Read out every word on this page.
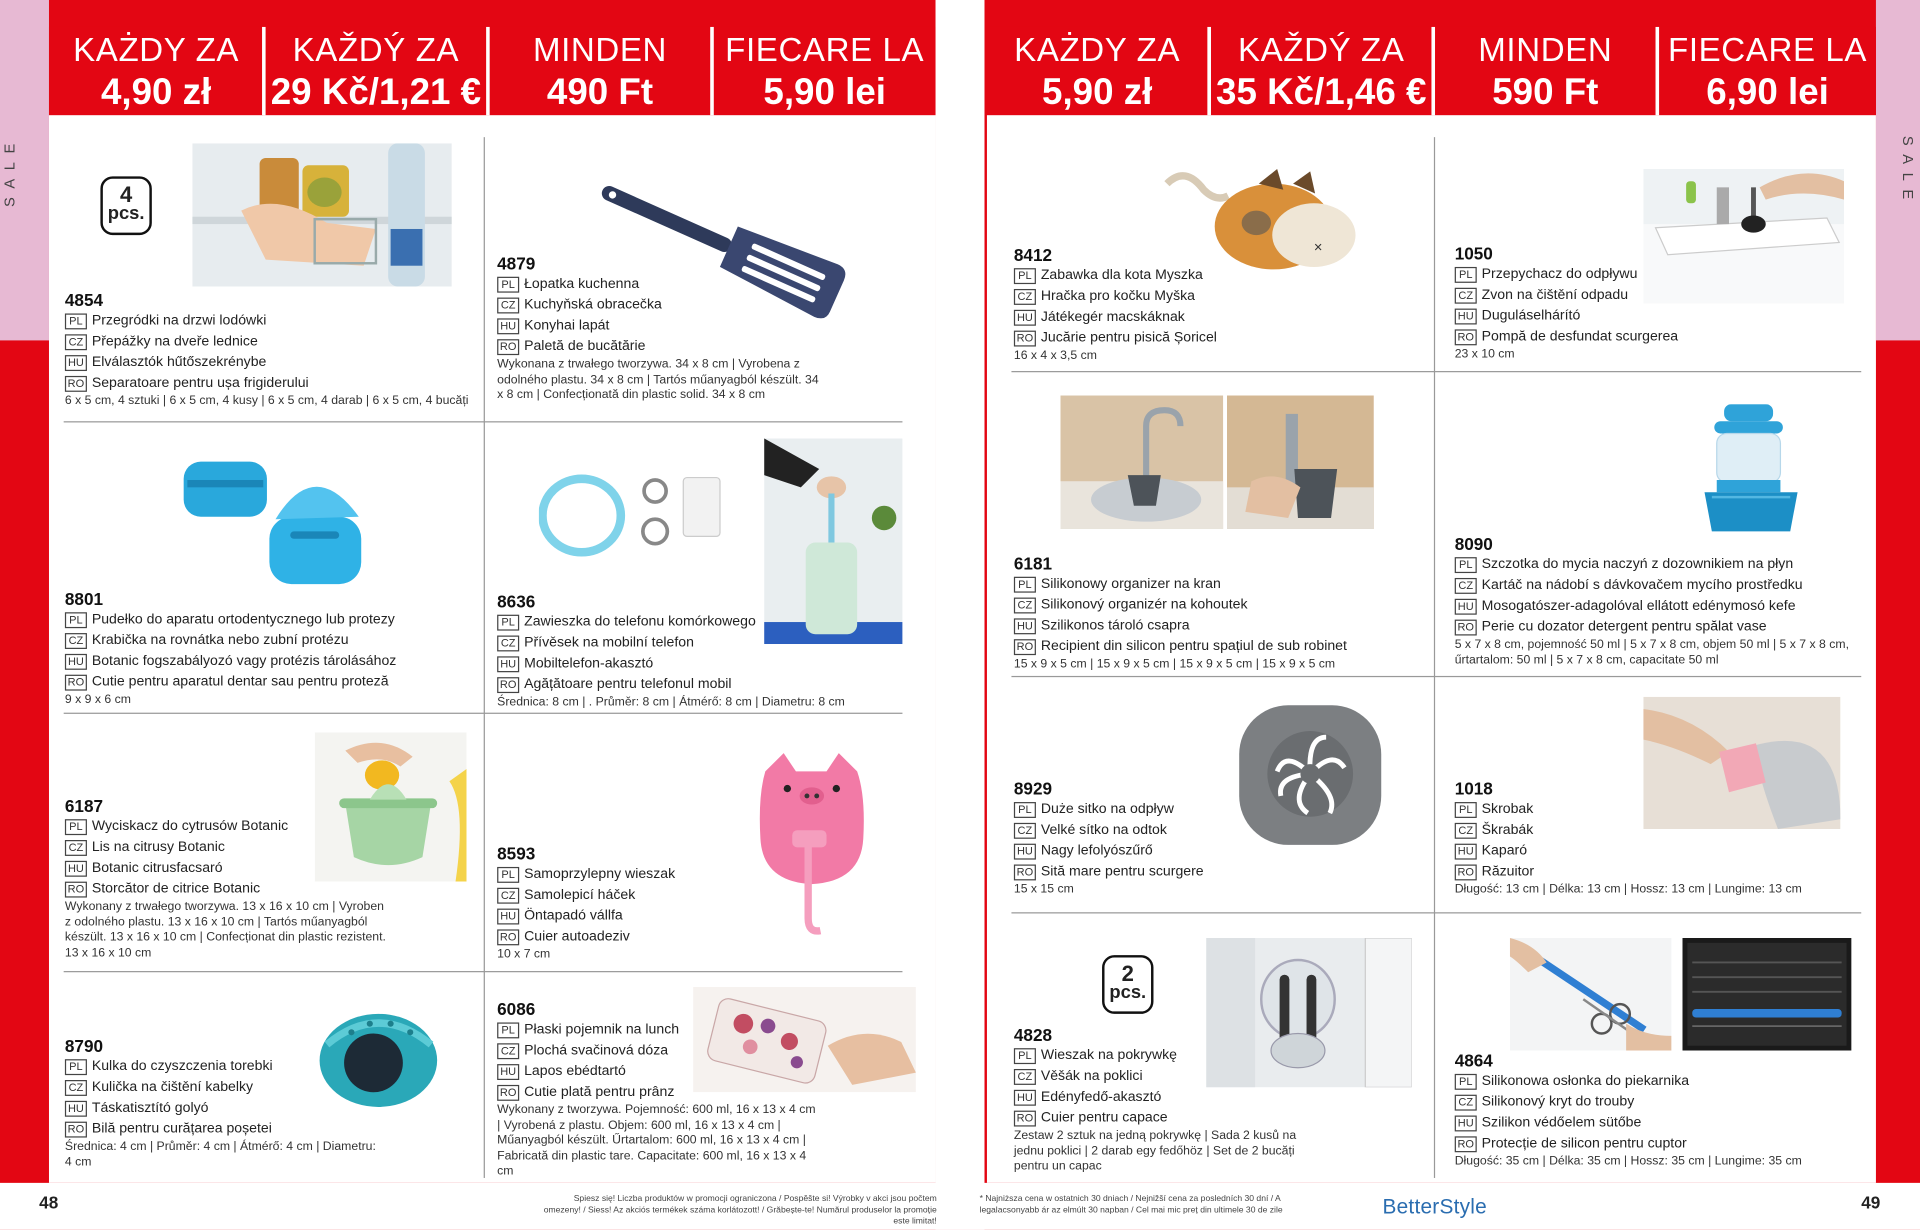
SALE	SALE
KAŻDY ZA
4,90 zł
KAŽDÝ ZA
29 Kč/1,21 €
MINDEN
490 Ft
FIECARE LA
5,90 lei
KAŻDY ZA
5,90 zł
KAŽDÝ ZA
35 Kč/1,46 €
MINDEN
590 Ft
FIECARE LA
6,90 lei
4
pcs.
4854
PL Przegródki na drzwi lodówki
CZ Přepážky na dveře lednice
HU Elválasztók hűtőszekrénybe
RO Separatoare pentru ușa frigiderului
6 x 5 cm, 4 sztuki | 6 x 5 cm, 4 kusy | 6 x 5 cm, 4 darab | 6 x 5 cm, 4 bucăți
4879
PL Łopatka kuchenna
CZ Kuchyňská obracečka
HU Konyhai lapát
RO Paletă de bucătărie
Wykonana z trwałego tworzywa. 34 x 8 cm | Vyrobena z odolného plastu. 34 x 8 cm | Tartós műanyagból készült. 34 x 8 cm | Confecționată din plastic solid. 34 x 8 cm
8801
PL Pudełko do aparatu ortodentycznego lub protezy
CZ Krabička na rovnátka nebo zubní protézu
HU Botanic fogszabályozó vagy protézis tárolásához
RO Cutie pentru aparatul dentar sau pentru proteză
9 x 9 x 6 cm
8636
PL Zawieszka do telefonu komórkowego
CZ Přívěsek na mobilní telefon
HU Mobiltelefon-akasztó
RO Agățătoare pentru telefonul mobil
Średnica: 8 cm | . Průměr: 8 cm | Átmérő: 8 cm | Diametru: 8 cm
6187
PL Wyciskacz do cytrusów Botanic
CZ Lis na citrusy Botanic
HU Botanic citrusfacsaró
RO Storcător de citrice Botanic
Wykonany z trwałego tworzywa. 13 x 16 x 10 cm | Vyroben z odolného plastu. 13 x 16 x 10 cm | Tartós műanyagból készült. 13 x 16 x 10 cm | Confecționat din plastic rezistent. 13 x 16 x 10 cm
8593
PL Samoprzylepny wieszak
CZ Samolepicí háček
HU Öntapadó vállfa
RO Cuier autoadeziv
10 x 7 cm
8790
PL Kulka do czyszczenia torebki
CZ Kulička na čištění kabelky
HU Táskatisztító golyó
RO Bilă pentru curățarea poșetei
Średnica: 4 cm | Průměr: 4 cm | Átmérő: 4 cm | Diametru: 4 cm
6086
PL Płaski pojemnik na lunch
CZ Plochá svačinová dóza
HU Lapos ebédtartó
RO Cutie plată pentru prânz
Wykonany z tworzywa. Pojemność: 600 ml, 16 x 13 x 4 cm | Vyrobená z plastu. Objem: 600 ml, 16 x 13 x 4 cm | Műanyagból készült. Űrtartalom: 600 ml, 16 x 13 x 4 cm | Fabricată din plastic tare. Capacitate: 600 ml, 16 x 13 x 4 cm
×
8412
PL Zabawka dla kota Myszka
CZ Hračka pro kočku Myška
HU Játékegér macskáknak
RO Jucărie pentru pisică Șoricel
16 x 4 x 3,5 cm
1050
PL Przepychacz do odpływu
CZ Zvon na čištění odpadu
HU Duguláselhárító
RO Pompă de desfundat scurgerea
23 x 10 cm
6181
PL Silikonowy organizer na kran
CZ Silikonový organizér na kohoutek
HU Szilikonos tároló csapra
RO Recipient din silicon pentru spațiul de sub robinet
15 x 9 x 5 cm | 15 x 9 x 5 cm | 15 x 9 x 5 cm | 15 x 9 x 5 cm
8090
PL Szczotka do mycia naczyń z dozownikiem na płyn
CZ Kartáč na nádobí s dávkovačem mycího prostředku
HU Mosogatószer-adagolóval ellátott edénymosó kefe
RO Perie cu dozator detergent pentru spălat vase
5 x 7 x 8 cm, pojemność 50 ml | 5 x 7 x 8 cm, objem 50 ml | 5 x 7 x 8 cm, űrtartalom: 50 ml | 5 x 7 x 8 cm, capacitate 50 ml
8929
PL Duże sitko na odpływ
CZ Velké sítko na odtok
HU Nagy lefolyószűrő
RO Sită mare pentru scurgere
15 x 15 cm
1018
PL Skrobak
CZ Škrabák
HU Kaparó
RO Răzuitor
Długość: 13 cm | Délka: 13 cm | Hossz: 13 cm | Lungime: 13 cm
2
pcs.
4828
PL Wieszak na pokrywkę
CZ Věšák na poklici
HU Edényfedő-akasztó
RO Cuier pentru capace
Zestaw 2 sztuk na jedną pokrywkę | Sada 2 kusů na jednu poklici | 2 darab egy fedőhöz | Set de 2 bucăți pentru un capac
4864
PL Silikonowa osłonka do piekarnika
CZ Silikonový kryt do trouby
HU Szilikon védőelem sütőbe
RO Protecție de silicon pentru cuptor
Długość: 35 cm | Délka: 35 cm | Hossz: 35 cm | Lungime: 35 cm
48	49
Spiesz się! Liczba produktów w promocji ograniczona / Pospěšte si! Výrobky v akci jsou počtem omezeny! / Siess! Az akciós termékek száma korlátozott! / Grăbește-te! Numărul produselor la promoție este limitat!
* Najniższa cena w ostatnich 30 dniach / Nejnižší cena za posledních 30 dní / A legalacsonyabb ár az elmúlt 30 napban / Cel mai mic preț din ultimele 30 de zile	BetterStyle
